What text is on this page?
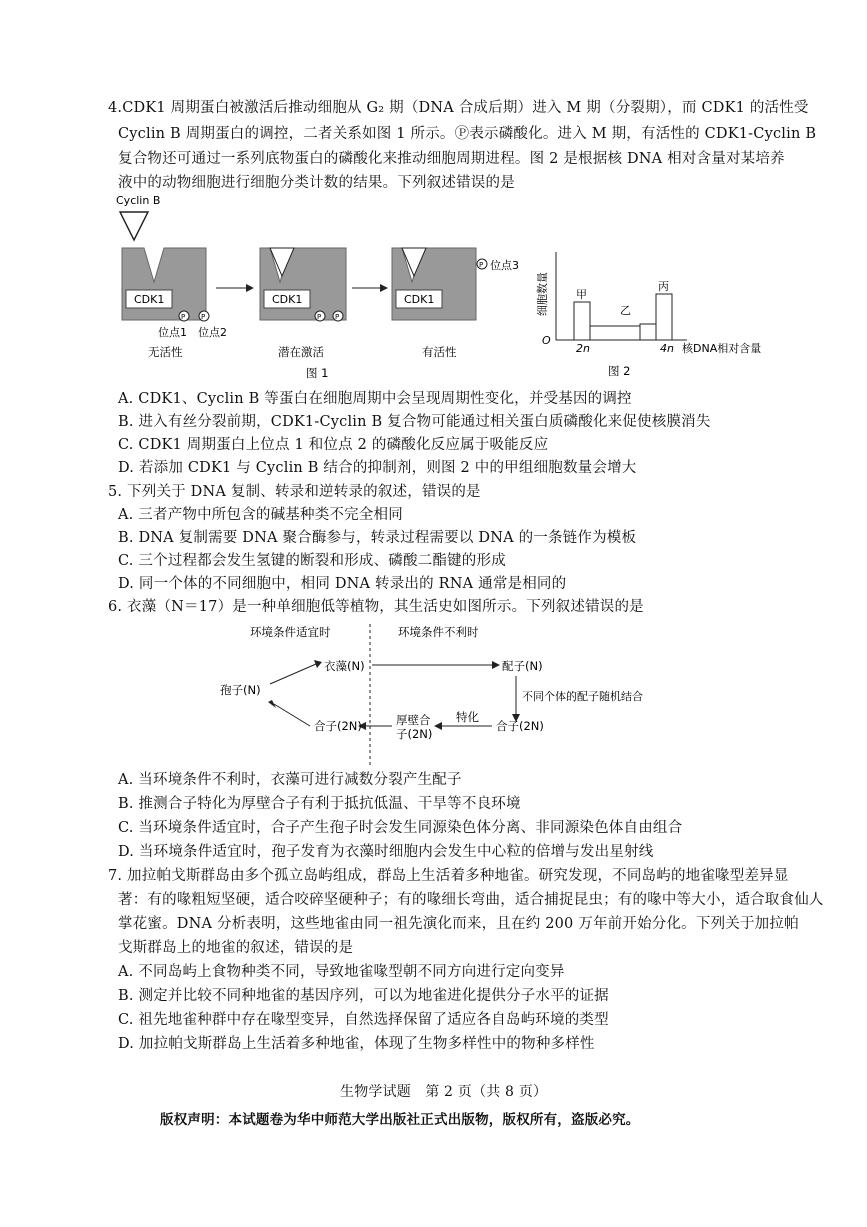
4.CDK1 周期蛋白被激活后推动细胞从 G₂ 期（DNA 合成后期）进入 M 期（分裂期），而 CDK1 的活性受
Cyclin B 周期蛋白的调控，二者关系如图 1 所示。Ⓟ表示磷酸化。进入 M 期，有活性的 CDK1-Cyclin B
复合物还可通过一系列底物蛋白的磷酸化来推动细胞周期进程。图 2 是根据核 DNA 相对含量对某培养
液中的动物细胞进行细胞分类计数的结果。下列叙述错误的是
Cyclin B
CDK1
P P
位点1 位点2
无活性
CDK1
P P
潜在激活
CDK1
P 位点3
有活性
图 1
细胞数量
O
甲
乙
丙
2n	4n 核DNA相对含量
图 2
A. CDK1、Cyclin B 等蛋白在细胞周期中会呈现周期性变化，并受基因的调控
B. 进入有丝分裂前期，CDK1-Cyclin B 复合物可能通过相关蛋白质磷酸化来促使核膜消失
C. CDK1 周期蛋白上位点 1 和位点 2 的磷酸化反应属于吸能反应
D. 若添加 CDK1 与 Cyclin B 结合的抑制剂，则图 2 中的甲组细胞数量会增大
5. 下列关于 DNA 复制、转录和逆转录的叙述，错误的是
A. 三者产物中所包含的碱基种类不完全相同
B. DNA 复制需要 DNA 聚合酶参与，转录过程需要以 DNA 的一条链作为模板
C. 三个过程都会发生氢键的断裂和形成、磷酸二酯键的形成
D. 同一个体的不同细胞中，相同 DNA 转录出的 RNA 通常是相同的
6. 衣藻（N＝17）是一种单细胞低等植物，其生活史如图所示。下列叙述错误的是
环境条件适宜时	环境条件不利时
衣藻(N)	配子(N)
不同个体的配子随机结合
合子(2N)
特化
厚壁合
子(2N)
合子(2N)
孢子(N)
A. 当环境条件不利时，衣藻可进行减数分裂产生配子
B. 推测合子特化为厚壁合子有利于抵抗低温、干旱等不良环境
C. 当环境条件适宜时，合子产生孢子时会发生同源染色体分离、非同源染色体自由组合
D. 当环境条件适宜时，孢子发育为衣藻时细胞内会发生中心粒的倍增与发出星射线
7. 加拉帕戈斯群岛由多个孤立岛屿组成，群岛上生活着多种地雀。研究发现，不同岛屿的地雀喙型差异显
著：有的喙粗短坚硬，适合咬碎坚硬种子；有的喙细长弯曲，适合捕捉昆虫；有的喙中等大小，适合取食仙人
掌花蜜。DNA 分析表明，这些地雀由同一祖先演化而来，且在约 200 万年前开始分化。下列关于加拉帕
戈斯群岛上的地雀的叙述，错误的是
A. 不同岛屿上食物种类不同，导致地雀喙型朝不同方向进行定向变异
B. 测定并比较不同种地雀的基因序列，可以为地雀进化提供分子水平的证据
C. 祖先地雀种群中存在喙型变异，自然选择保留了适应各自岛屿环境的类型
D. 加拉帕戈斯群岛上生活着多种地雀，体现了生物多样性中的物种多样性
生物学试题　第 2 页（共 8 页）
版权声明：本试题卷为华中师范大学出版社正式出版物，版权所有，盗版必究。
